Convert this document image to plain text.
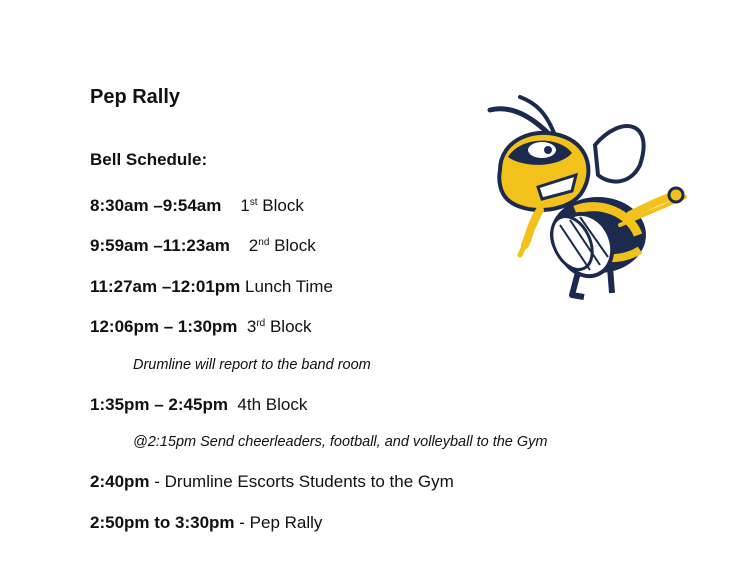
Pep Rally
Bell Schedule:
8:30am –9:54am 1st Block
9:59am –11:23am 2nd Block
11:27am –12:01pm Lunch Time
12:06pm – 1:30pm 3rd Block
Drumline will report to the band room
1:35pm – 2:45pm 4th Block
@2:15pm Send cheerleaders, football, and volleyball to the Gym
2:40pm - Drumline Escorts Students to the Gym
2:50pm to 3:30pm - Pep Rally
